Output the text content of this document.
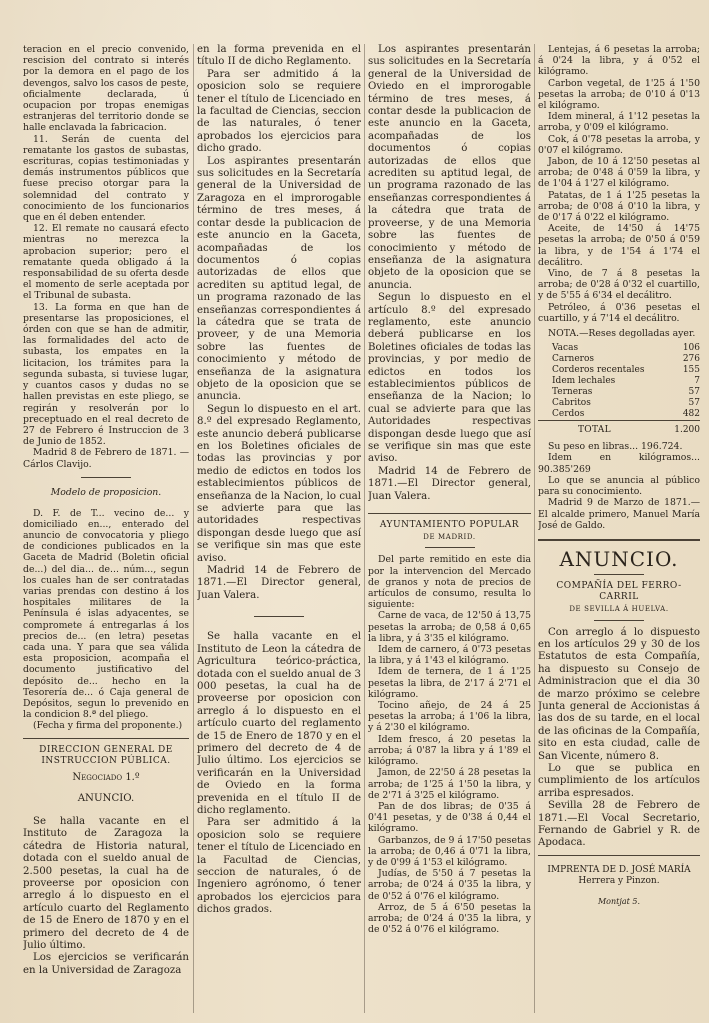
teracion en el precio convenido, rescision del contrato si interés por la demora en el pago de los devengos, salvo los casos de peste, oficialmente declarada, ú ocupacion por tropas enemigas estranjeras del territorio donde se halle enclavada la fabricacion.

11. Serán de cuenta del rematante los gastos de subastas, escrituras, copias testimoniadas y demás instrumentos públicos que fuese preciso otorgar para la solemnidad del contrato y conocimiento de los funcionarios que en él deben entender.

12. El remate no causará efecto mientras no merezca la aprobacion superior; pero el rematante queda obligado á la responsabilidad de su oferta desde el momento de serle aceptada por el Tribunal de subasta.

13. La forma en que han de presentarse las proposiciones, el órden con que se han de admitir, las formalidades del acto de subasta, los empates en la licitacion, los trámites para la segunda subasta, si tuviese lugar, y cuantos casos y dudas no se hallen previstas en este pliego, se regirán y resolverán por lo preceptuado en el real decreto de 27 de Febrero é Instruccion de 3 de Junio de 1852.

Madrid 8 de Febrero de 1871. —Cárlos Clavijo.

Modelo de proposicion.

D. F. de T... vecino de... y domiciliado en..., enterado del anuncio de convocatoria y pliego de condiciones publicados en la Gaceta de Madrid (Boletin oficial de...) del dia... de... núm..., segun los cuales han de ser contratadas varias prendas con destino á los hospitales militares de la Península é islas adyacentes, se compromete á entregarlas á los precios de... (en letra) pesetas cada una. Y para que sea válida esta proposicion, acompaña el documento justificativo del depósito de... hecho en la Tesorería de... ó Caja general de Depósitos, segun lo prevenido en la condicion 8.ª del pliego.

(Fecha y firma del proponente.)

DIRECCION GENERAL DE INSTRUCCION PÚBLICA.

Negociado 1.º

ANUNCIO.

Se halla vacante en el Instituto de Zaragoza la cátedra de Historia natural, dotada con el sueldo anual de 2.500 pesetas, la cual ha de proveerse por oposicion con arreglo á lo dispuesto en el artículo cuarto del Reglamento de 15 de Enero de 1870 y en el primero del decreto de 4 de Julio último.

Los ejercicios se verificarán en la Universidad de Zaragoza

en la forma prevenida en el título II de dicho Reglamento.

Para ser admitido á la oposicion solo se requiere tener el título de Licenciado en la facultad de Ciencias, seccion de las naturales, ó tener aprobados los ejercicios para dicho grado.

Los aspirantes presentarán sus solicitudes en la Secretaría general de la Universidad de Zaragoza en el improrogable término de tres meses, á contar desde la publicacion de este anuncio en la Gaceta, acompañadas de los documentos ó copias autorizadas de ellos que acrediten su aptitud legal, de un programa razonado de las enseñanzas correspondientes á la cátedra que se trata de proveer, y de una Memoria sobre las fuentes de conocimiento y método de enseñanza de la asignatura objeto de la oposicion que se anuncia.

Segun lo dispuesto en el art. 8.º del expresado Reglamento, este anuncio deberá publicarse en los Boletines oficiales de todas las provincias y por medio de edictos en todos los establecimientos públicos de enseñanza de la Nacion, lo cual se advierte para que las autoridades respectivas dispongan desde luego que así se verifique sin mas que este aviso.

Madrid 14 de Febrero de 1871.—El Director general, Juan Valera.

Se halla vacante en el Instituto de Leon la cátedra de Agricultura teórico-práctica, dotada con el sueldo anual de 3 000 pesetas, la cual ha de proveerse por oposicion con arreglo á lo dispuesto en el artículo cuarto del reglamento de 15 de Enero de 1870 y en el primero del decreto de 4 de Julio último. Los ejercicios se verificarán en la Universidad de Oviedo en la forma prevenida en el título II de dicho reglamento.

Para ser admitido á la oposicion solo se requiere tener el título de Licenciado en la Facultad de Ciencias, seccion de naturales, ó de Ingeniero agrónomo, ó tener aprobados los ejercicios para dichos grados.

Los aspirantes presentarán sus solicitudes en la Secretaría general de la Universidad de Oviedo en el improrogable término de tres meses, á contar desde la publicacion de este anuncio en la Gaceta, acompañadas de los documentos ó copias autorizadas de ellos que acrediten su aptitud legal, de un programa razonado de las enseñanzas correspondientes á la cátedra que trata de proveerse, y de una Memoria sobre las fuentes de conocimiento y método de enseñanza de la asignatura objeto de la oposicion que se anuncia.

Segun lo dispuesto en el artículo 8.º del expresado reglamento, este anuncio deberá publicarse en los Boletines oficiales de todas las provincias, y por medio de edictos en todos los establecimientos públicos de enseñanza de la Nacion; lo cual se advierte para que las Autoridades respectivas dispongan desde luego que así se verifique sin mas que este aviso.

Madrid 14 de Febrero de 1871.—El Director general, Juan Valera.

AYUNTAMIENTO POPULAR

DE MADRID.

Del parte remitido en este dia por la intervencion del Mercado de granos y nota de precios de artículos de consumo, resulta lo siguiente:

Carne de vaca, de 12'50 á 13,75 pesetas la arroba; de 0,58 á 0,65 la libra, y á 3'35 el kilógramo.

Idem de carnero, á 0'73 pesetas la libra, y á 1'43 el kilógramo.

Idem de ternera, de 1 á 1'25 pesetas la libra, de 2'17 á 2'71 el kilógramo.

Tocino añejo, de 24 á 25 pesetas la arroba; á 1'06 la libra, y á 2'30 el kilógramo.

Idem fresco, á 20 pesetas la arroba; á 0'87 la libra y á 1'89 el kilógramo.

Jamon, de 22'50 á 28 pesetas la arroba; de 1'25 á 1'50 la libra, y de 2'71 á 3'25 el kilógramo.

Pan de dos libras; de 0'35 á 0'41 pesetas, y de 0'38 á 0,44 el kilógramo.

Garbanzos, de 9 á 17'50 pesetas la arroba; de 0,46 á 0'71 la libra, y de 0'99 á 1'53 el kilógramo.

Judías, de 5'50 á 7 pesetas la arroba; de 0'24 á 0'35 la libra, y de 0'52 á 0'76 el kilógramo.

Arroz, de 5 á 6'50 pesetas la arroba; de 0'24 á 0'35 la libra, y de 0'52 á 0'76 el kilógramo.

Lentejas, á 6 pesetas la arroba; á 0'24 la libra, y á 0'52 el kilógramo.

Carbon vegetal, de 1'25 á 1'50 pesetas la arroba; de 0'10 á 0'13 el kilógramo.

Idem mineral, á 1'12 pesetas la arroba, y 0'09 el kilógramo.

Cok, á 0'78 pesetas la arroba, y 0'07 el kilógramo.

Jabon, de 10 á 12'50 pesetas al arroba; de 0'48 á 0'59 la libra, y de 1'04 á 1'27 el kilógramo.

Patatas, de 1 á 1'25 pesetas la arroba; de 0'08 á 0'10 la libra, y de 0'17 á 0'22 el kilógramo.

Aceite, de 14'50 á 14'75 pesetas la arroba; de 0'50 á 0'59 la libra, y de 1'54 á 1'74 el decálitro.

Vino, de 7 á 8 pesetas la arroba; de 0'28 á 0'32 el cuartillo, y de 5'55 á 6'34 el decálitro.

Petróleo, á 0'36 pesetas el cuartillo, y á 7'14 el decálitro.

NOTA.—Reses degolladas ayer.

Vacas	106
Carneros	276
Corderos recentales	155
Idem lechales	7
Terneras	57
Cabritos	57
Cerdos	482
TOTAL	1.200

Su peso en libras... 196.724.

Idem en kilógramos... 90.385'269

Lo que se anuncia al público para su conocimiento.

Madrid 9 de Marzo de 1871.—El alcalde primero, Manuel María José de Galdo.

ANUNCIO.

COMPAÑÍA DEL FERRO-CARRIL

DE SEVILLA Á HUELVA.

Con arreglo á lo dispuesto en los artículos 29 y 30 de los Estatutos de esta Compañía, ha dispuesto su Consejo de Administracion que el dia 30 de marzo próximo se celebre Junta general de Accionistas á las dos de su tarde, en el local de las oficinas de la Compañía, sito en esta ciudad, calle de San Vicente, número 8.

Lo que se publica en cumplimiento de los artículos arriba espresados.

Sevilla 28 de Febrero de 1871.—El Vocal Secretario, Fernando de Gabriel y R. de Apodaca.

IMPRENTA DE D. JOSÉ MARÍA Herrera y Pinzon.

Montjat 5.
